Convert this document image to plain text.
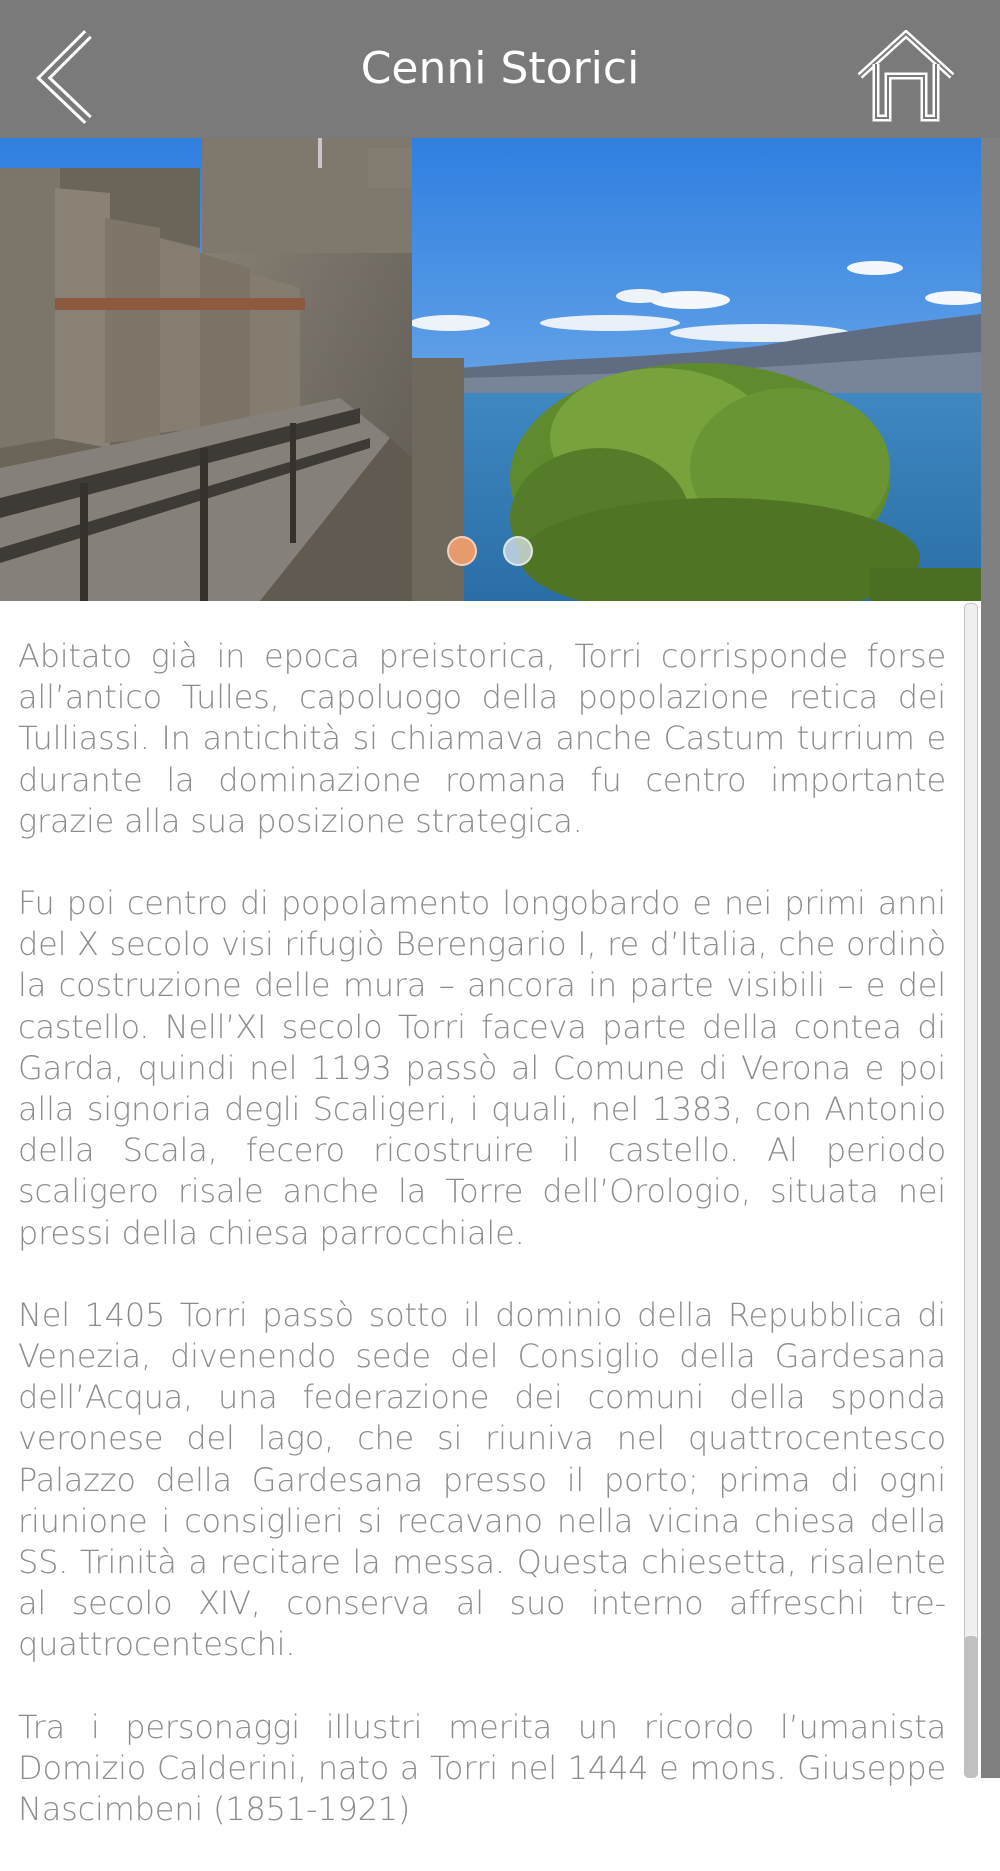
Cenni Storici

Abitato già in epoca preistorica, Torri corrisponde forse all’antico Tulles, capoluogo della popolazione retica dei Tulliassi. In antichità si chiamava anche Castum turrium e durante la dominazione romana fu centro importante grazie alla sua posizione strategica.

Fu poi centro di popolamento longobardo e nei primi anni del X secolo visi rifugiò Berengario I, re d’Italia, che ordinò la costruzione delle mura – ancora in parte visibili – e del castello. Nell’XI secolo Torri faceva parte della contea di Garda, quindi nel 1193 passò al Comune di Verona e poi alla signoria degli Scaligeri, i quali, nel 1383, con Antonio della Scala, fecero ricostruire il castello. Al periodo scaligero risale anche la Torre dell’Orologio, situata nei pressi della chiesa parrocchiale.

Nel 1405 Torri passò sotto il dominio della Repubblica di Venezia, divenendo sede del Consiglio della Gardesana dell’Acqua, una federazione dei comuni della sponda veronese del lago, che si riuniva nel quattrocentesco Palazzo della Gardesana presso il porto; prima di ogni riunione i consiglieri si recavano nella vicina chiesa della SS. Trinità a recitare la messa. Questa chiesetta, risalente al secolo XIV, conserva al suo interno affreschi tre-quattrocenteschi.

Tra i personaggi illustri merita un ricordo l’umanista Domizio Calderini, nato a Torri nel 1444 e mons. Giuseppe Nascimbeni (1851-1921)
